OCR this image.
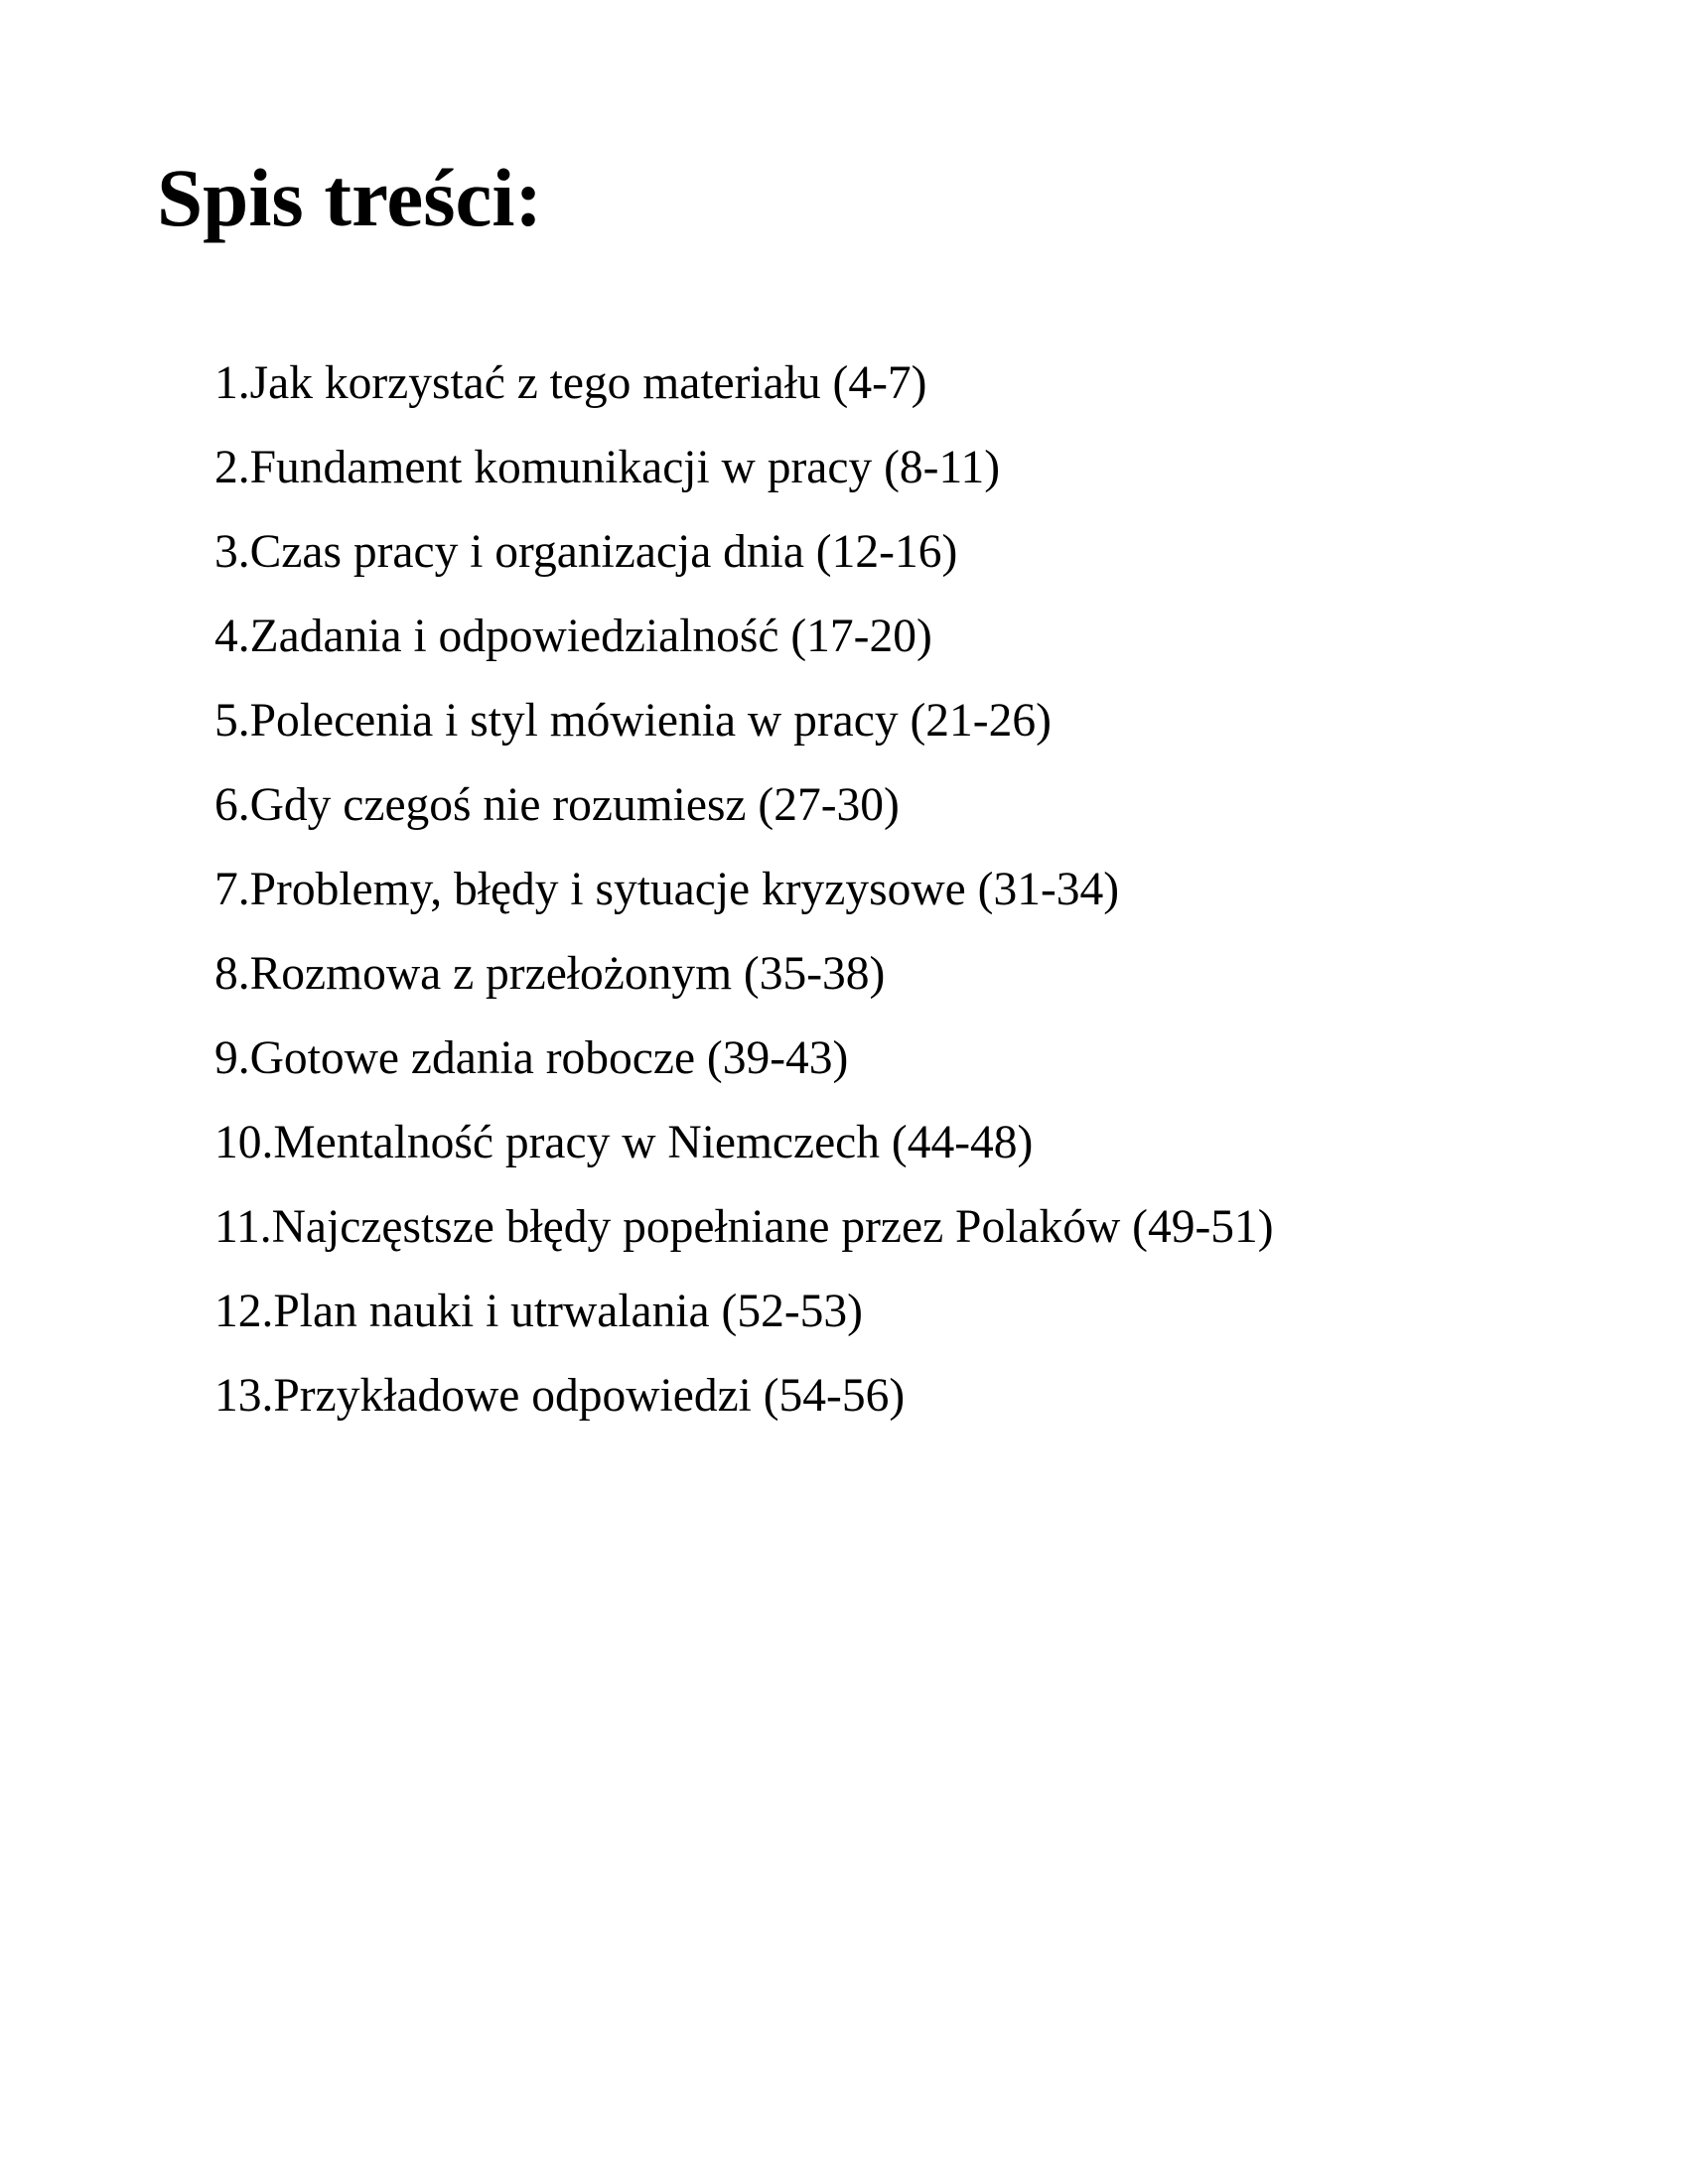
Spis treści:
1.Jak korzystać z tego materiału (4-7)
2.Fundament komunikacji w pracy (8-11)
3.Czas pracy i organizacja dnia (12-16)
4.Zadania i odpowiedzialność (17-20)
5.Polecenia i styl mówienia w pracy (21-26)
6.Gdy czegoś nie rozumiesz (27-30)
7.Problemy, błędy i sytuacje kryzysowe (31-34)
8.Rozmowa z przełożonym (35-38)
9.Gotowe zdania robocze (39-43)
10.Mentalność pracy w Niemczech (44-48)
11.Najczęstsze błędy popełniane przez Polaków (49-51)
12.Plan nauki i utrwalania (52-53)
13.Przykładowe odpowiedzi (54-56)
